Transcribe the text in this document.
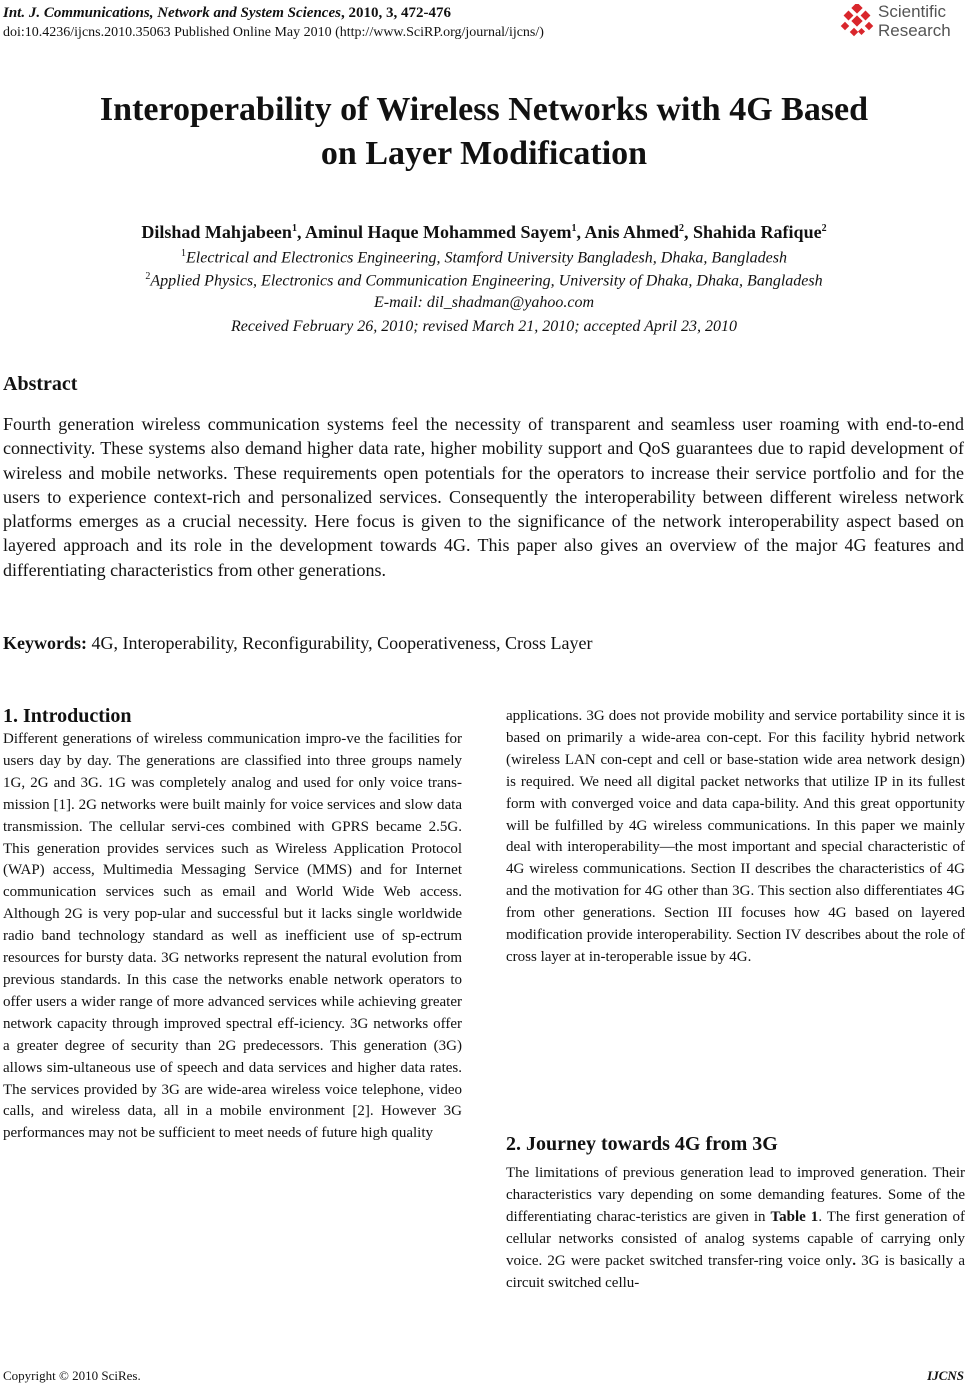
Int. J. Communications, Network and System Sciences, 2010, 3, 472-476
doi:10.4236/ijcns.2010.35063 Published Online May 2010 (http://www.SciRP.org/journal/ijcns/)
Scientific
Research
Interoperability of Wireless Networks with 4G Based
on Layer Modification
Dilshad Mahjabeen$^1$, Aminul Haque Mohammed Sayem$^1$, Anis Ahmed$^2$, Shahida Rafique$^2$
$^1$Electrical and Electronics Engineering, Stamford University Bangladesh, Dhaka, Bangladesh
$^2$Applied Physics, Electronics and Communication Engineering, University of Dhaka, Dhaka, Bangladesh
E-mail: dil_shadman@yahoo.com
Received February 26, 2010; revised March 21, 2010; accepted April 23, 2010
Abstract

Fourth generation wireless communication systems feel the necessity of transparent and seamless user roaming with end-to-end connectivity. These systems also demand higher data rate, higher mobility support and QoS guarantees due to rapid development of wireless and mobile networks. These requirements open potentials for the operators to increase their service portfolio and for the users to experience context-rich and personalized services. Consequently the interoperability between different wireless network platforms emerges as a crucial necessity. Here focus is given to the significance of the network interoperability aspect based on layered approach and its role in the development towards 4G. This paper also gives an overview of the major 4G features and differentiating characteristics from other generations.

Keywords: 4G, Interoperability, Reconfigurability, Cooperativeness, Cross Layer
1. Introduction

Different generations of wireless communication impro-ve the facilities for users day by day. The generations are classified into three groups namely 1G, 2G and 3G. 1G was completely analog and used for only voice trans-mission [1]. 2G networks were built mainly for voice services and slow data transmission. The cellular servi-ces combined with GPRS became 2.5G. This generation provides services such as Wireless Application Protocol (WAP) access, Multimedia Messaging Service (MMS) and for Internet communication services such as email and World Wide Web access. Although 2G is very pop-ular and successful but it lacks single worldwide radio band technology standard as well as inefficient use of sp-ectrum resources for bursty data. 3G networks represent the natural evolution from previous standards. In this case the networks enable network operators to offer users a wider range of more advanced services while achieving greater network capacity through improved spectral eff-iciency. 3G networks offer a greater degree of security than 2G predecessors. This generation (3G) allows sim-ultaneous use of speech and data services and higher data rates. The services provided by 3G are wide-area wireless voice telephone, video calls, and wireless data, all in a mobile environment [2]. However 3G performances may not be sufficient to meet needs of future high quality

applications. 3G does not provide mobility and service portability since it is based on primarily a wide-area con-cept. For this facility hybrid network (wireless LAN con-cept and cell or base-station wide area network design) is required. We need all digital packet networks that utilize IP in its fullest form with converged voice and data capa-bility. And this great opportunity will be fulfilled by 4G wireless communications. In this paper we mainly deal with interoperability—the most important and special characteristic of 4G wireless communications. Section II describes the characteristics of 4G and the motivation for 4G other than 3G. This section also differentiates 4G from other generations. Section III focuses how 4G based on layered modification provide interoperability. Section IV describes about the role of cross layer at in-teroperable issue by 4G.

2. Journey towards 4G from 3G

The limitations of previous generation lead to improved generation. Their characteristics vary depending on some demanding features. Some of the differentiating charac-teristics are given in Table 1. The first generation of cellular networks consisted of analog systems capable of carrying only voice. 2G were packet switched transfer-ring voice only. 3G is basically a circuit switched cellu-

Copyright © 2010 SciRes.	IJCNS
